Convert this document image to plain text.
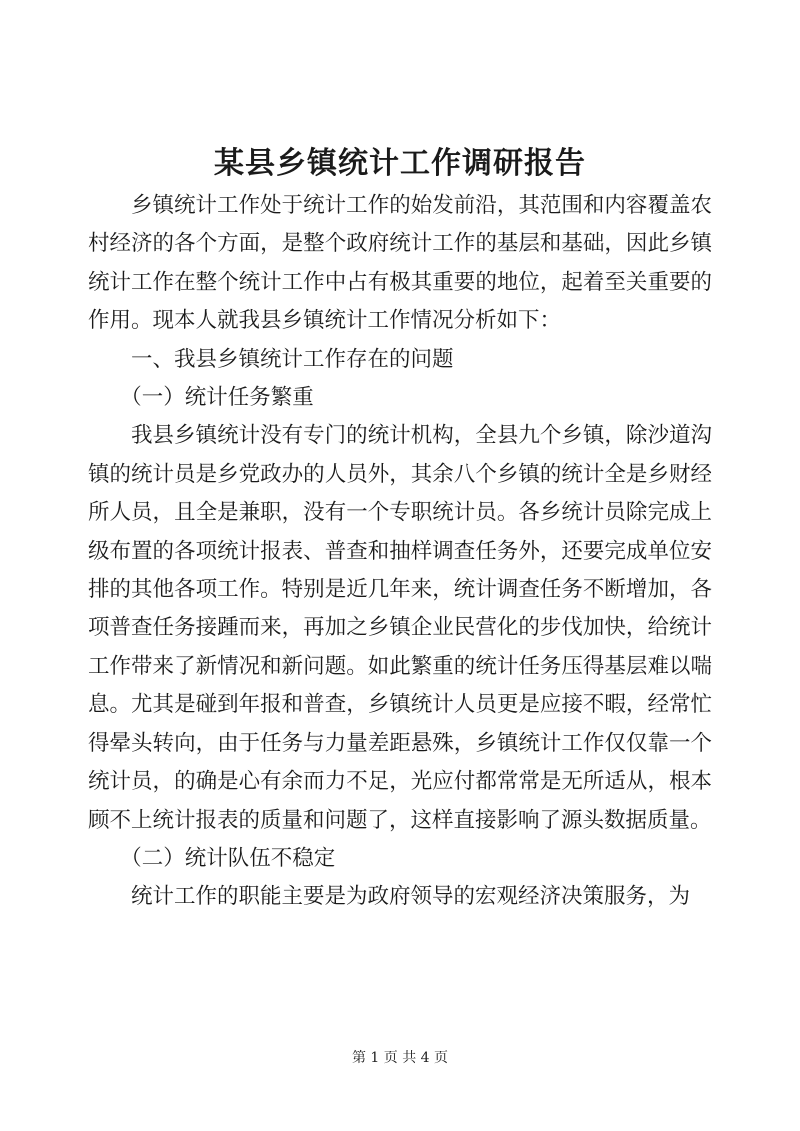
某县乡镇统计工作调研报告

乡镇统计工作处于统计工作的始发前沿，其范围和内容覆盖农村经济的各个方面，是整个政府统计工作的基层和基础，因此乡镇统计工作在整个统计工作中占有极其重要的地位，起着至关重要的作用。现本人就我县乡镇统计工作情况分析如下：

一、我县乡镇统计工作存在的问题

（一）统计任务繁重

我县乡镇统计没有专门的统计机构，全县九个乡镇，除沙道沟镇的统计员是乡党政办的人员外，其余八个乡镇的统计全是乡财经所人员，且全是兼职，没有一个专职统计员。各乡统计员除完成上级布置的各项统计报表、普查和抽样调查任务外，还要完成单位安排的其他各项工作。特别是近几年来，统计调查任务不断增加，各项普查任务接踵而来，再加之乡镇企业民营化的步伐加快，给统计工作带来了新情况和新问题。如此繁重的统计任务压得基层难以喘息。尤其是碰到年报和普查，乡镇统计人员更是应接不暇，经常忙得晕头转向，由于任务与力量差距悬殊，乡镇统计工作仅仅靠一个统计员，的确是心有余而力不足，光应付都常常是无所适从，根本顾不上统计报表的质量和问题了，这样直接影响了源头数据质量。

（二）统计队伍不稳定

统计工作的职能主要是为政府领导的宏观经济决策服务，为

第 1 页 共 4 页
